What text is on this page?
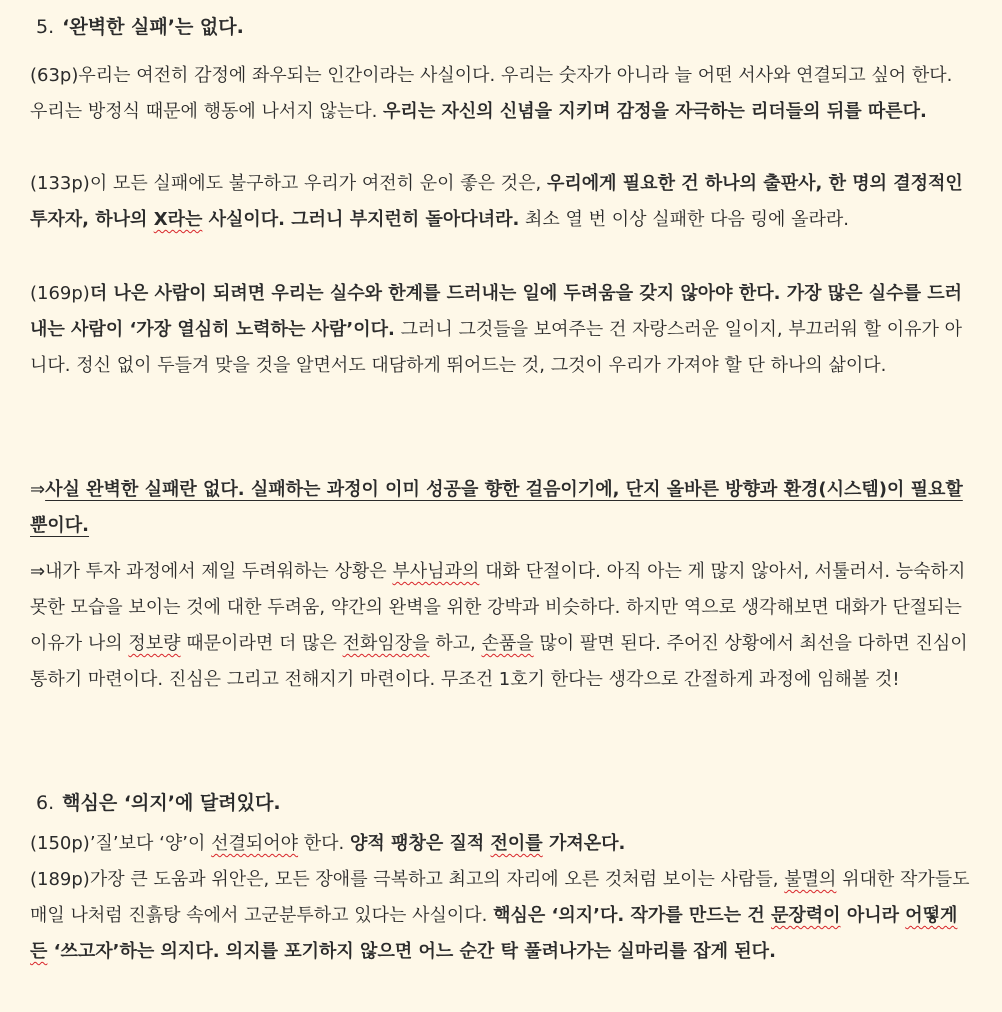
5. ‘완벽한 실패’는 없다.

(63p)우리는 여전히 감정에 좌우되는 인간이라는 사실이다. 우리는 숫자가 아니라 늘 어떤 서사와 연결되고 싶어 한다. 우리는 방정식 때문에 행동에 나서지 않는다. 우리는 자신의 신념을 지키며 감정을 자극하는 리더들의 뒤를 따른다.

(133p)이 모든 실패에도 불구하고 우리가 여전히 운이 좋은 것은, 우리에게 필요한 건 하나의 출판사, 한 명의 결정적인 투자자, 하나의 X라는 사실이다. 그러니 부지런히 돌아다녀라. 최소 열 번 이상 실패한 다음 링에 올라라.

(169p)더 나은 사람이 되려면 우리는 실수와 한계를 드러내는 일에 두려움을 갖지 않아야 한다. 가장 많은 실수를 드러내는 사람이 ‘가장 열심히 노력하는 사람’이다. 그러니 그것들을 보여주는 건 자랑스러운 일이지, 부끄러워 할 이유가 아니다. 정신 없이 두들겨 맞을 것을 알면서도 대담하게 뛰어드는 것, 그것이 우리가 가져야 할 단 하나의 삶이다.

⇒사실 완벽한 실패란 없다. 실패하는 과정이 이미 성공을 향한 걸음이기에, 단지 올바른 방향과 환경(시스템)이 필요할 뿐이다.

⇒내가 투자 과정에서 제일 두려워하는 상황은 부사님과의 대화 단절이다. 아직 아는 게 많지 않아서, 서툴러서. 능숙하지 못한 모습을 보이는 것에 대한 두려움, 약간의 완벽을 위한 강박과 비슷하다. 하지만 역으로 생각해보면 대화가 단절되는 이유가 나의 정보량 때문이라면 더 많은 전화임장을 하고, 손품을 많이 팔면 된다. 주어진 상황에서 최선을 다하면 진심이 통하기 마련이다. 진심은 그리고 전해지기 마련이다. 무조건 1호기 한다는 생각으로 간절하게 과정에 임해볼 것!

6. 핵심은 ‘의지’에 달려있다.

(150p)’질’보다 ‘양’이 선결되어야 한다. 양적 팽창은 질적 전이를 가져온다.

(189p)가장 큰 도움과 위안은, 모든 장애를 극복하고 최고의 자리에 오른 것처럼 보이는 사람들, 불멸의 위대한 작가들도 매일 나처럼 진흙탕 속에서 고군분투하고 있다는 사실이다. 핵심은 ‘의지’다. 작가를 만드는 건 문장력이 아니라 어떻게든 ‘쓰고자’하는 의지다. 의지를 포기하지 않으면 어느 순간 탁 풀려나가는 실마리를 잡게 된다.
